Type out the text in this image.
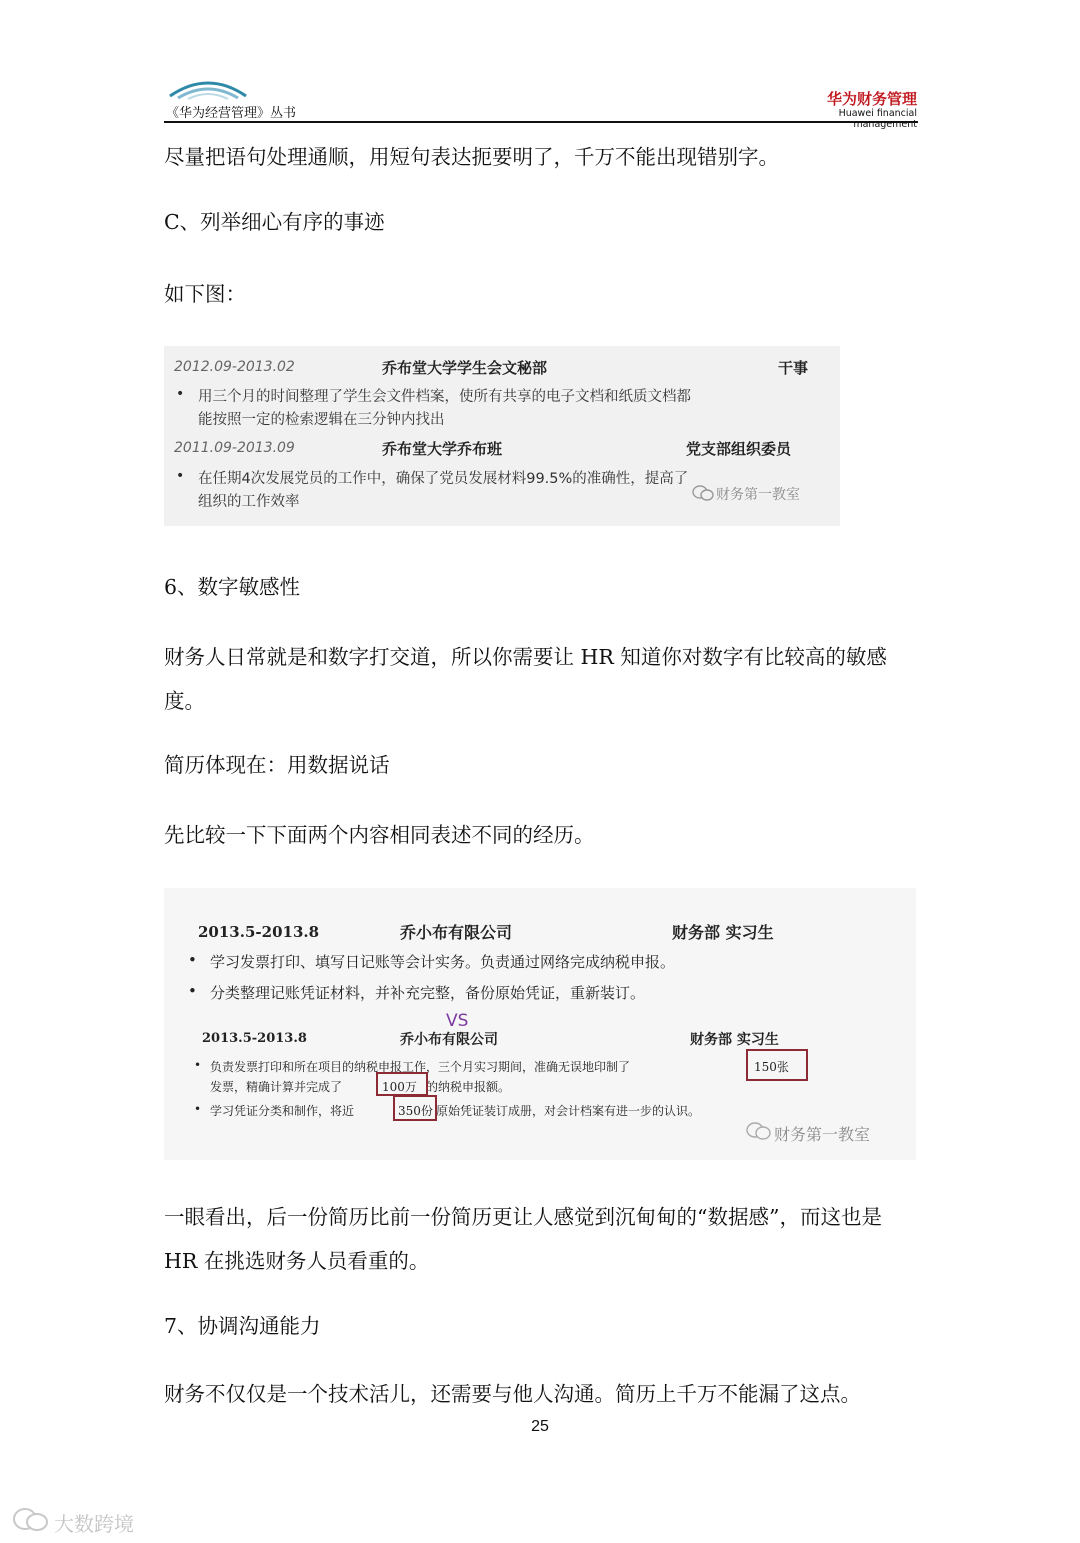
《华为经营管理》丛书
华为财务管理
Huawei financial management
尽量把语句处理通顺，用短句表达扼要明了，千万不能出现错别字。
C、列举细心有序的事迹
如下图：
2012.09-2013.02	乔布堂大学学生会文秘部	干事
• 用三个月的时间整理了学生会文件档案，使所有共享的电子文档和纸质文档都
能按照一定的检索逻辑在三分钟内找出
2011.09-2013.09	乔布堂大学乔布班	党支部组织委员
• 在任期4次发展党员的工作中，确保了党员发展材料99.5%的准确性，提高了
组织的工作效率	财务第一教室
6、数字敏感性
财务人日常就是和数字打交道，所以你需要让 HR 知道你对数字有比较高的敏感
度。
简历体现在：用数据说话
先比较一下下面两个内容相同表述不同的经历。
2013.5-2013.8	乔小布有限公司	财务部 实习生
• 学习发票打印、填写日记账等会计实务。负责通过网络完成纳税申报。
• 分类整理记账凭证材料，并补充完整，备份原始凭证，重新装订。
VS
2013.5-2013.8	乔小布有限公司	财务部 实习生
• 负责发票打印和所在项目的纳税申报工作，三个月实习期间，准确无误地印制了	150张
发票，精确计算并完成了	100万 的纳税申报额。
• 学习凭证分类和制作，将近	350份 原始凭证装订成册，对会计档案有进一步的认识。
财务第一教室
一眼看出，后一份简历比前一份简历更让人感觉到沉甸甸的“数据感”，而这也是
HR 在挑选财务人员看重的。
7、协调沟通能力
财务不仅仅是一个技术活儿，还需要与他人沟通。简历上千万不能漏了这点。
25
大数跨境
